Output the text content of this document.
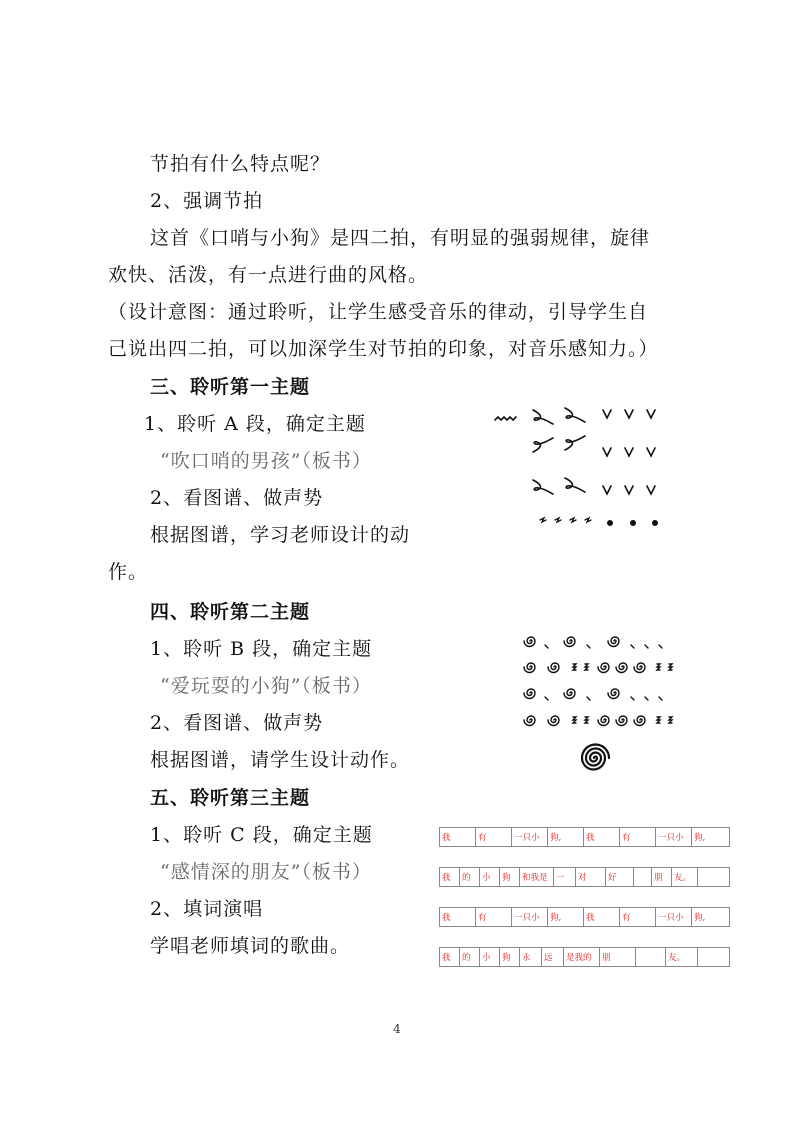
节拍有什么特点呢？
2、强调节拍
这首《口哨与小狗》是四二拍，有明显的强弱规律，旋律
欢快、活泼，有一点进行曲的风格。
（设计意图：通过聆听，让学生感受音乐的律动，引导学生自
己说出四二拍，可以加深学生对节拍的印象，对音乐感知力。）
三、聆听第一主题
1、聆听 A 段，确定主题
“吹口哨的男孩”（板书）
2、看图谱、做声势
根据图谱，学习老师设计的动
作。
四、聆听第二主题
1、聆听 B 段，确定主题
“爱玩耍的小狗”（板书）
2、看图谱、做声势
根据图谱，请学生设计动作。
五、聆听第三主题
1、聆听 C 段，确定主题
“感情深的朋友”（板书）
2、填词演唱
学唱老师填词的歌曲。
我	有	一只小	狗,	我	有	一只小	狗,
我	的	小	狗	和我是	一	对	好		朋	友。	
我	有	一只小	狗,	我	有	一只小	狗,
我	的	小	狗	永	远	是我的	朋		友。	
4
